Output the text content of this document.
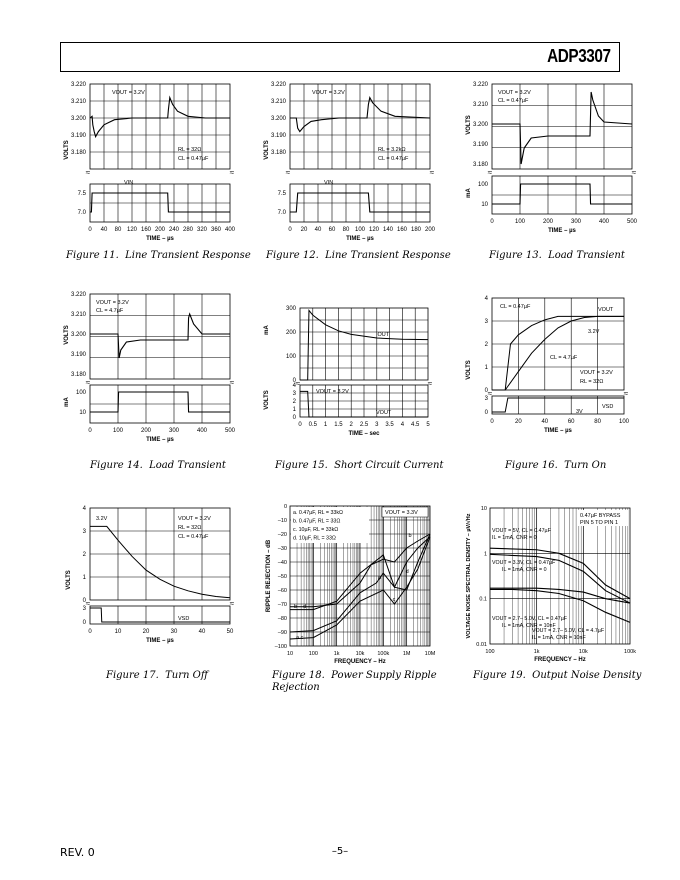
ADP3307
≈	≈
3.220
3.210
3.200
3.190
3.180
7.5
7.0
0 40 80 120 160 200 240 280 320 360 400
TIME – µs
VOLTS
VOUT = 3.2V
RL = 32Ω
CL = 0.47µF
VIN
≈	≈
3.220
3.210
3.200
3.190
3.180
7.5
7.0
0 20 40 60 80 100 120 140 160 180 200
TIME – µs
VOLTS
VOUT = 3.2V
RL = 3.2kΩ
CL = 0.47µF
VIN
≈	≈
3.220
3.210
3.200
3.190
3.180
100
10
0	100	200	300	400	500
TIME – µs
VOLTS
mA
VOUT = 3.2V
CL = 0.47µF
≈	≈
3.220
3.210
3.200
3.190
3.180
100
10
0	100	200	300	400	500
TIME – µs
VOLTS
mA
VOUT = 3.2V
CL = 4.7µF
≈	≈
300
200
100
0
4
3
2
1
0
0 0.5 1 1.5 2 2.5 3 3.5 4 4.5 5
TIME – sec
mA
VOLTS
IOUT
VOUT = 3.2V
VOUT
≈	≈
4
3
2
1
0
3
0
0	20	40	60	80	100
TIME – µs
VOLTS
CL = 0.47µF	VOUT
3.2V
CL = 4.7µF
VOUT = 3.2V
RL = 32Ω
VSD
3V
≈	≈
4
3
2
1
0
3
0
0	10	20	30	40	50
TIME – µs
VOLTS
3.2V	VOUT = 3.2V
RL = 32Ω
CL = 0.47µF
VSD
0
–10
–20
–30
–40
–50
–60
–70
–80
–90
–100
10	100	1k	10k 100k 1M	10M
FREQUENCY – Hz
RIPPLE REJECTION – dB
a. 0.47µF, RL = 33kΩ
b. 0.47µF, RL = 33Ω
c. 10µF, RL = 33kΩ
d. 10µF, RL = 33Ω
VOUT = 3.3V
a
b
c
d
b – d
a c
10
1
0.1
0.01
100	1k	10k	100k
FREQUENCY – Hz
VOLTAGE NOISE SPECTRAL DENSITY – µV/√Hz	0.47µF BYPASS
PIN 5 TO PIN 1
VOUT = 5V, CL = 0.47µF
IL = 1mA, CNR = 0
VOUT = 3.3V, CL = 0.47µF
IL = 1mA, CNR = 0
VOUT = 2.7– 5.0V, CL = 0.47µF
IL = 1mA, CNR = 10nF
VOUT = 2.7– 5.0V, CL = 4.7µF
IL = 1mA, CNR = 10nF
Figure 11. Line Transient Response Figure 12. Line Transient Response	Figure 13. Load Transient
Figure 14. Load Transient	Figure 15. Short Circuit Current	Figure 16. Turn On
Figure 17. Turn Off	Figure 18. Power Supply Ripple Rejection
Figure 19. Output Noise Density
REV. 0	–5–
